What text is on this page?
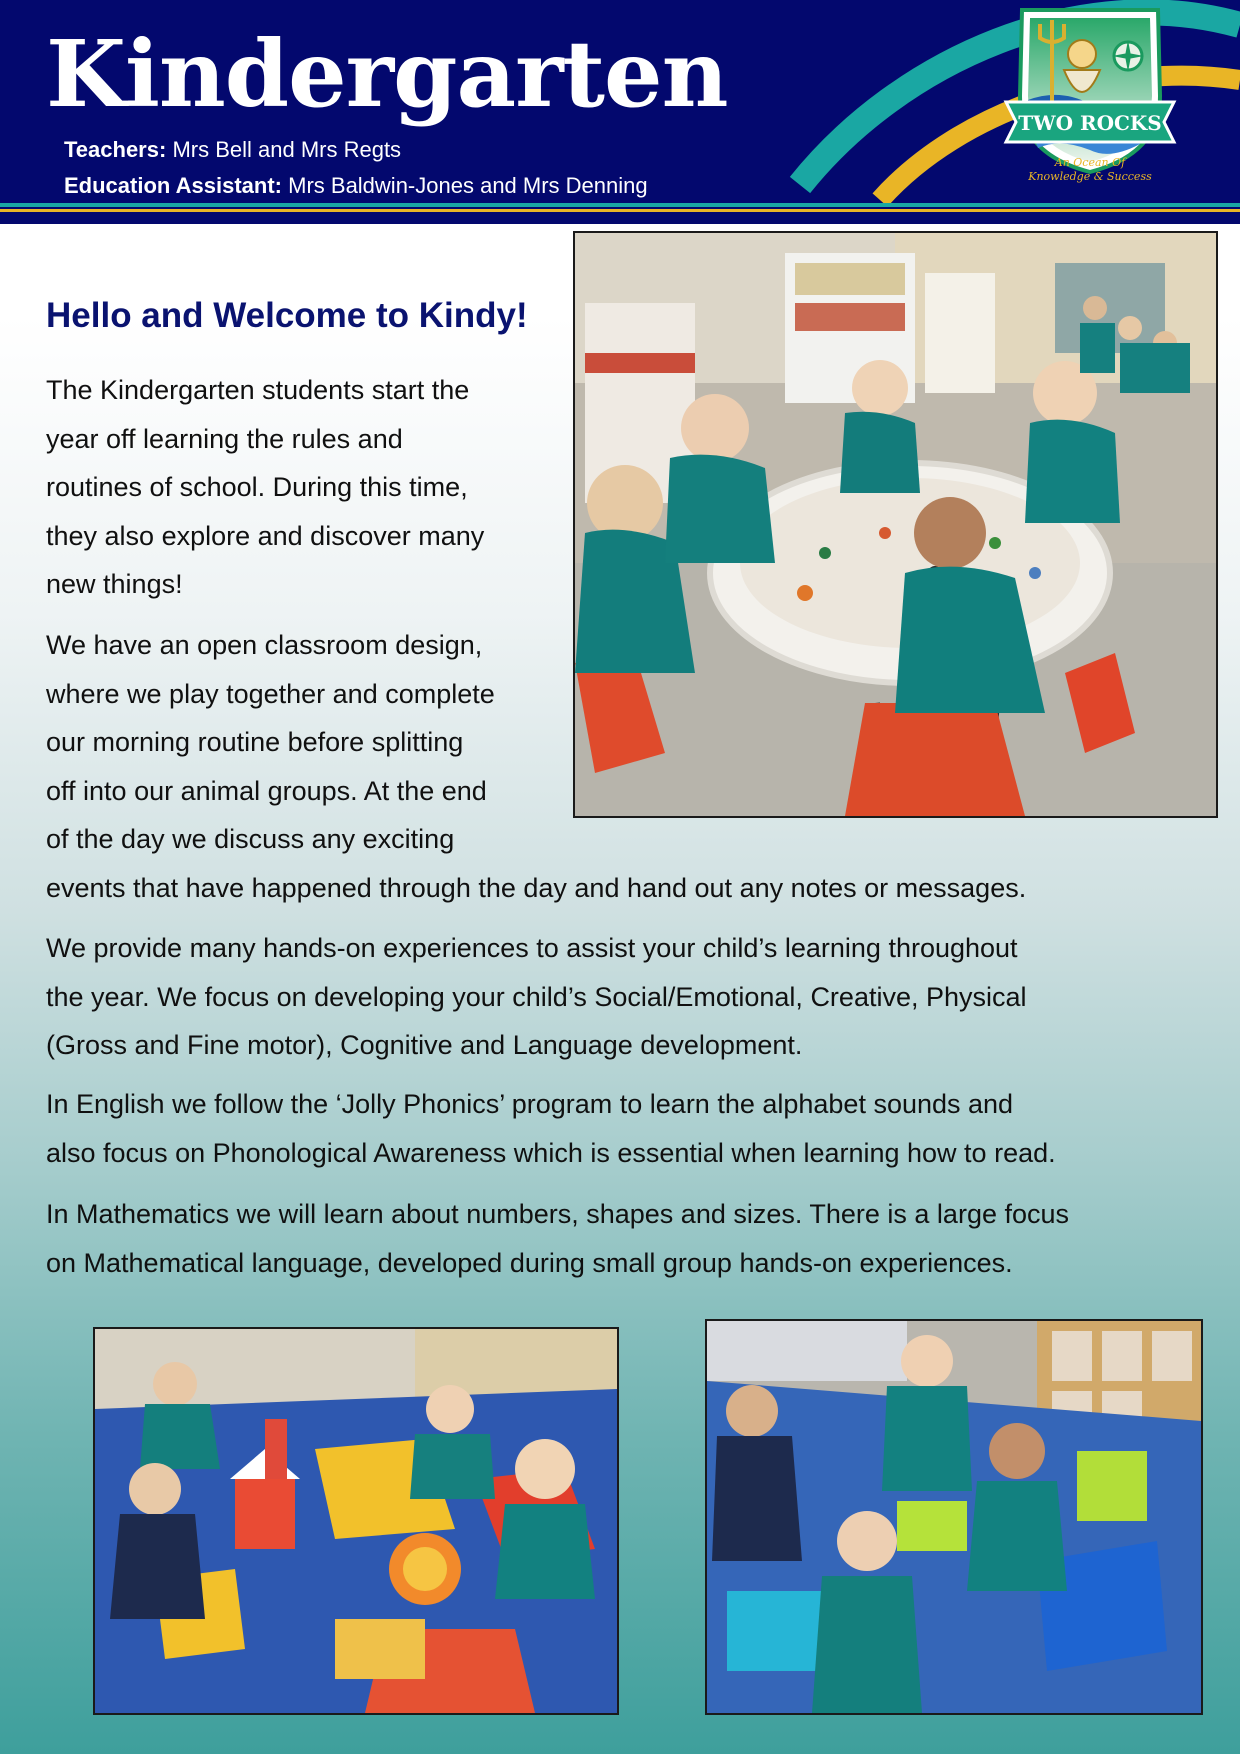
Kindergarten
Teachers: Mrs Bell and Mrs Regts
Education Assistant: Mrs Baldwin-Jones and Mrs Denning
TWO ROCKS
An Ocean Of
Knowledge & Success
Hello and Welcome to Kindy!
The Kindergarten students start the
year off learning the rules and
routines of school. During this time,
they also explore and discover many
new things!
We have an open classroom design,
where we play together and complete
our morning routine before splitting
off into our animal groups. At the end
of the day we discuss any exciting
events that have happened through the day and hand out any notes or messages.
We provide many hands-on experiences to assist your child’s learning throughout
the year. We focus on developing your child’s Social/Emotional, Creative, Physical
(Gross and Fine motor), Cognitive and Language development.
In English we follow the ‘Jolly Phonics’ program to learn the alphabet sounds and
also focus on Phonological Awareness which is essential when learning how to read.
In Mathematics we will learn about numbers, shapes and sizes. There is a large focus
on Mathematical language, developed during small group hands-on experiences.
